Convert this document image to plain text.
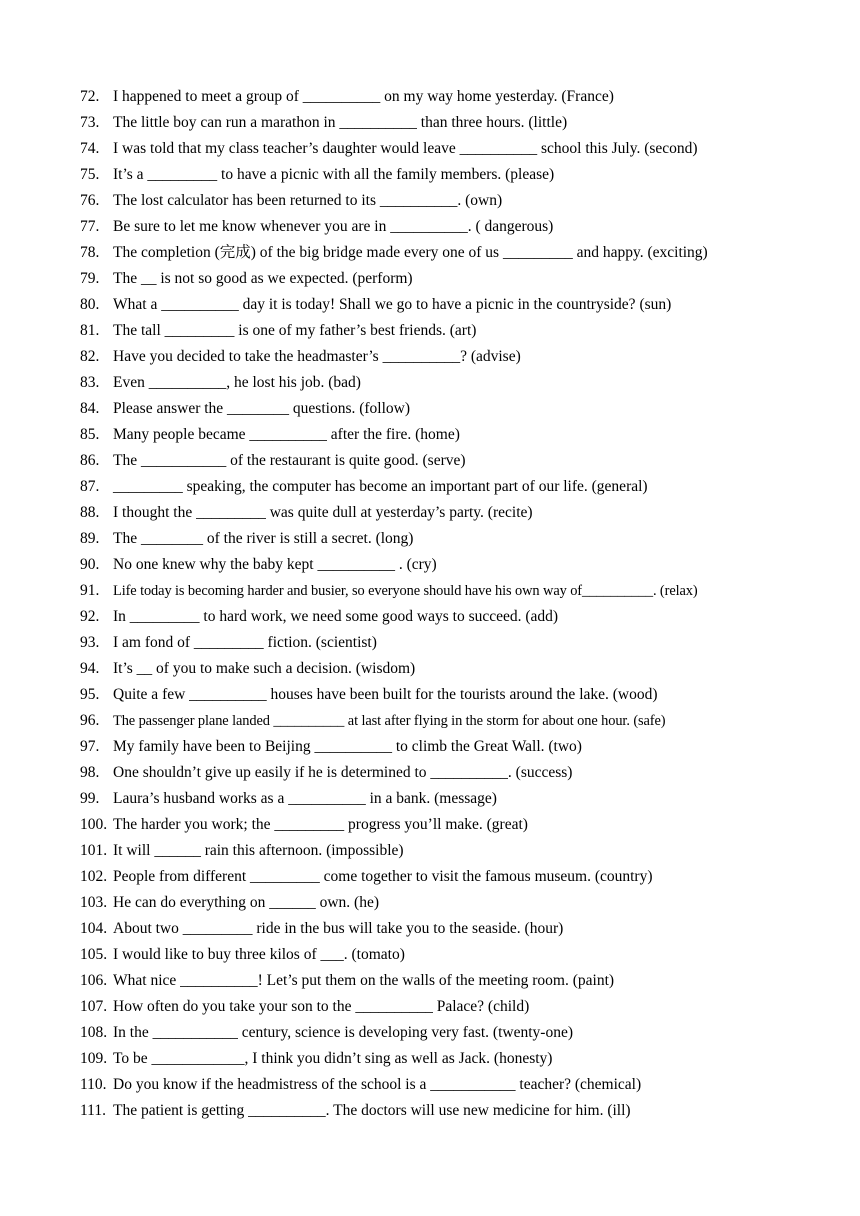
72. I happened to meet a group of __________ on my way home yesterday. (France)
73. The little boy can run a marathon in __________ than three hours. (little)
74. I was told that my class teacher’s daughter would leave __________ school this July. (second)
75. It’s a _________ to have a picnic with all the family members. (please)
76. The lost calculator has been returned to its __________. (own)
77. Be sure to let me know whenever you are in __________. ( dangerous)
78. The completion (完成) of the big bridge made every one of us _________ and happy. (exciting)
79. The __ is not so good as we expected. (perform)
80. What a __________ day it is today! Shall we go to have a picnic in the countryside? (sun)
81. The tall _________ is one of my father’s best friends. (art)
82. Have you decided to take the headmaster’s __________? (advise)
83. Even __________, he lost his job. (bad)
84. Please answer the ________ questions. (follow)
85. Many people became __________ after the fire. (home)
86. The ___________ of the restaurant is quite good. (serve)
87. _________ speaking, the computer has become an important part of our life. (general)
88. I thought the _________ was quite dull at yesterday’s party. (recite)
89. The ________ of the river is still a secret. (long)
90. No one knew why the baby kept __________ . (cry)
91. Life today is becoming harder and busier, so everyone should have his own way of__________. (relax)
92. In _________ to hard work, we need some good ways to succeed. (add)
93. I am fond of _________ fiction. (scientist)
94. It’s __ of you to make such a decision. (wisdom)
95. Quite a few __________ houses have been built for the tourists around the lake. (wood)
96. The passenger plane landed __________ at last after flying in the storm for about one hour. (safe)
97. My family have been to Beijing __________ to climb the Great Wall. (two)
98. One shouldn’t give up easily if he is determined to __________. (success)
99. Laura’s husband works as a __________ in a bank. (message)
100. The harder you work; the _________ progress you’ll make. (great)
101. It will ______ rain this afternoon. (impossible)
102. People from different _________ come together to visit the famous museum. (country)
103. He can do everything on ______ own. (he)
104. About two _________ ride in the bus will take you to the seaside. (hour)
105. I would like to buy three kilos of ___. (tomato)
106. What nice __________! Let’s put them on the walls of the meeting room. (paint)
107. How often do you take your son to the __________ Palace? (child)
108. In the ___________ century, science is developing very fast. (twenty-one)
109. To be ____________, I think you didn’t sing as well as Jack. (honesty)
110. Do you know if the headmistress of the school is a ___________ teacher? (chemical)
111. The patient is getting __________. The doctors will use new medicine for him. (ill)
